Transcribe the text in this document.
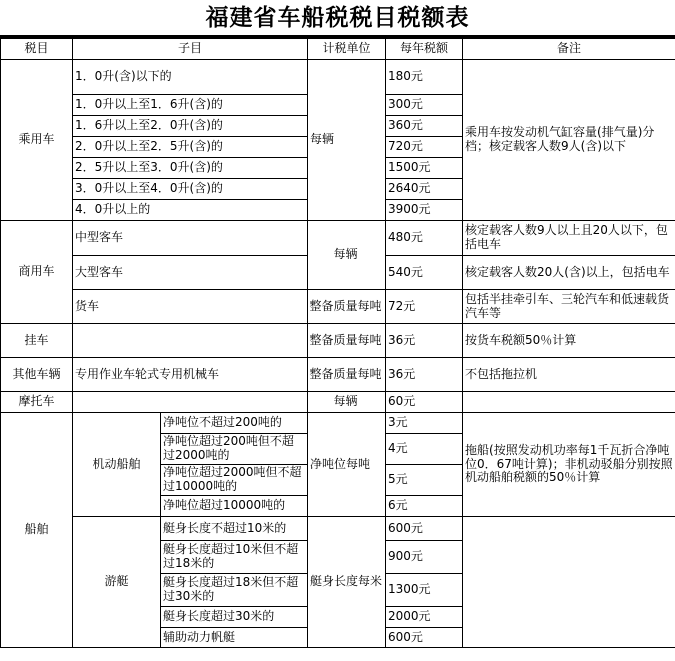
福建省车船税税目税额表
税目	子目		计税单位	每年税额	备注
乘用车	1．0升(含)以下的		每辆	180元	乘用车按发动机气缸容量(排气量)分档；核定载客人数9人(含)以下
	1．0升以上至1．6升(含)的			300元	
	1．6升以上至2．0升(含)的			360元	
	2．0升以上至2．5升(含)的			720元	
	2．5升以上至3．0升(含)的			1500元	
	3．0升以上至4．0升(含)的			2640元	
	4．0升以上的			3900元	
商用车	中型客车		每辆	480元	核定载客人数9人以上且20人以下，包括电车
	大型客车			540元	核定载客人数20人(含)以上，包括电车
	货车		整备质量每吨	72元	包括半挂牵引车、三轮汽车和低速载货汽车等
挂车			整备质量每吨	36元	按货车税额50％计算
其他车辆	专用作业车轮式专用机械车		整备质量每吨	36元	不包括拖拉机
摩托车			每辆	60元	
船舶	机动船舶	净吨位不超过200吨的	净吨位每吨	3元	拖船(按照发动机功率每1千瓦折合净吨位0．67吨计算)；非机动驳船分别按照机动船舶税额的50％计算
		净吨位超过200吨但不超过2000吨的		4元	
		净吨位超过2000吨但不超过10000吨的		5元	
		净吨位超过10000吨的		6元	
	游艇	艇身长度不超过10米的	艇身长度每米	600元	
		艇身长度超过10米但不超过18米的		900元	
		艇身长度超过18米但不超过30米的		1300元	
		艇身长度超过30米的		2000元	
		辅助动力帆艇		600元	
